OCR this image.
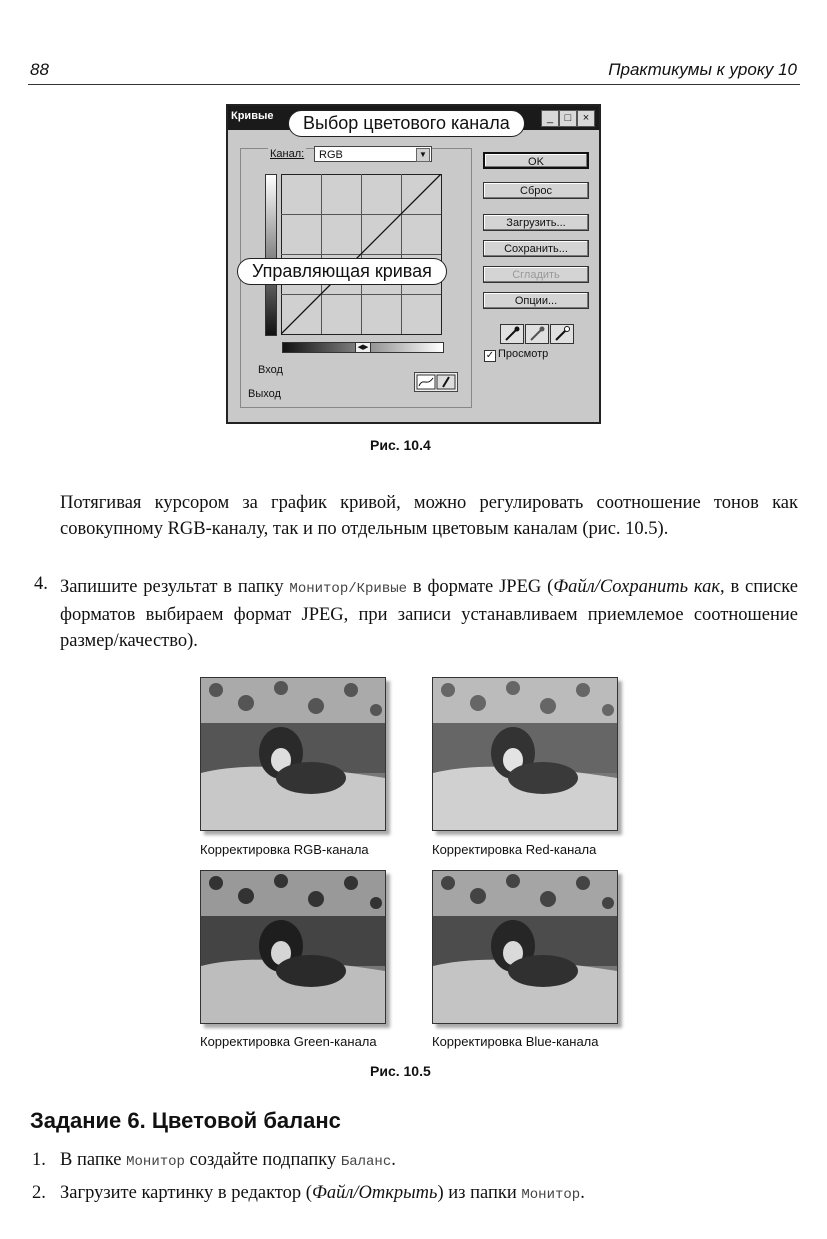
88	Практикумы к уроку 10
Кривые	_	□	×
Канал:	RGB	▼
◀▶
Вход
Выход
OK
Сброс
Загрузить...
Сохранить...
Сгладить
Опции...
✓ Просмотр
Выбор цветового канала
Управляющая кривая
Рис. 10.4
Потягивая курсором за график кривой, можно регулировать соотношение тонов как совокупному RGB-каналу, так и по отдельным цветовым каналам (рис. 10.5).
4. Запишите результат в папку Монитор/Кривые в формате JPEG (Файл/Сохранить как, в списке форматов выбираем формат JPEG, при записи устанавливаем приемлемое соотношение размер/качество).
Корректировка RGB-канала	Корректировка Red-канала
Корректировка Green-канала	Корректировка Blue-канала
Рис. 10.5
Задание 6. Цветовой баланс
1. В папке Монитор создайте подпапку Баланс.
2. Загрузите картинку в редактор (Файл/Открыть) из папки Монитор.
